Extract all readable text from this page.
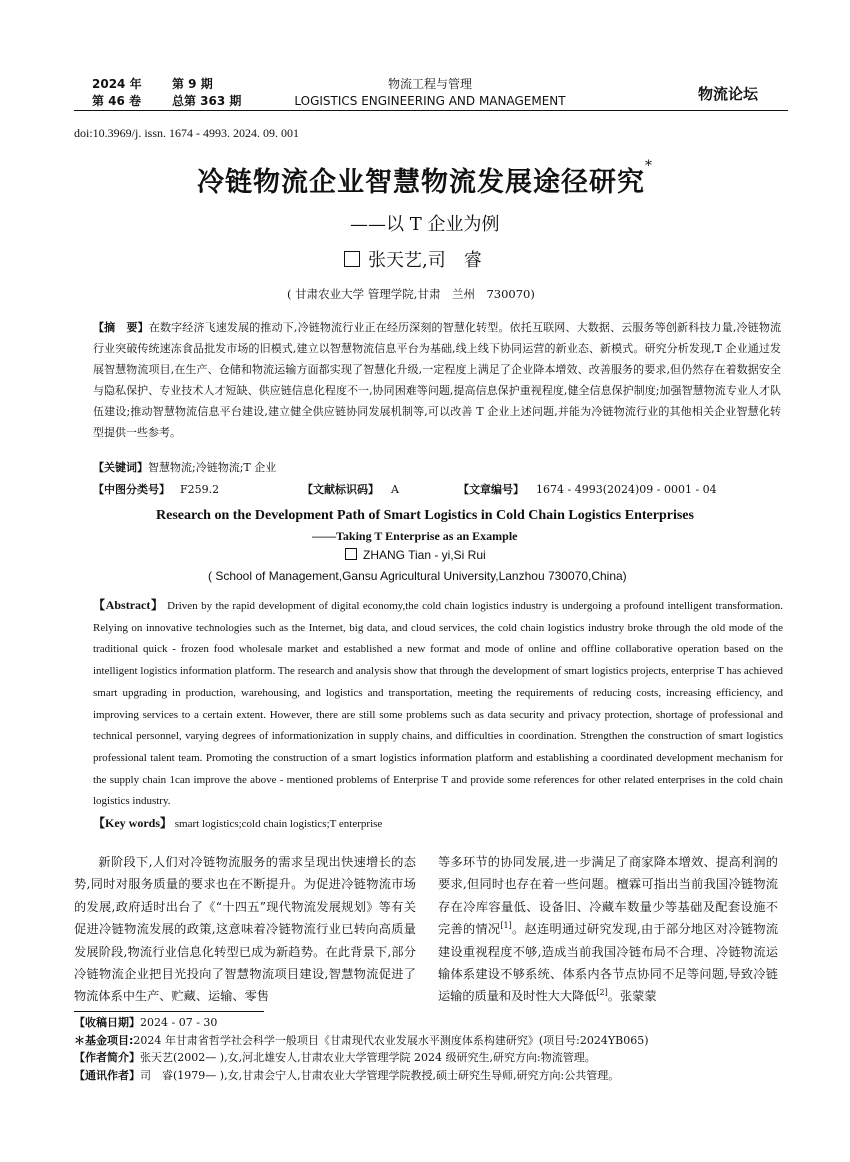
2024 年	第 9 期
第 46 卷	总第 363 期
物流工程与管理
LOGISTICS ENGINEERING AND MANAGEMENT	物流论坛
doi:10.3969/j. issn. 1674 - 4993. 2024. 09. 001
冷链物流企业智慧物流发展途径研究*
——以 T 企业为例
张天艺,司　睿
( 甘肃农业大学 管理学院,甘肃　兰州　730070)
【摘　要】在数字经济飞速发展的推动下,冷链物流行业正在经历深刻的智慧化转型。依托互联网、大数据、云服务等创新科技力量,冷链物流行业突破传统速冻食品批发市场的旧模式,建立以智慧物流信息平台为基础,线上线下协同运营的新业态、新模式。研究分析发现,T 企业通过发展智慧物流项目,在生产、仓储和物流运输方面都实现了智慧化升级,一定程度上满足了企业降本增效、改善服务的要求,但仍然存在着数据安全与隐私保护、专业技术人才短缺、供应链信息化程度不一,协同困难等问题,提高信息保护重视程度,健全信息保护制度;加强智慧物流专业人才队伍建设;推动智慧物流信息平台建设,建立健全供应链协同发展机制等,可以改善 T 企业上述问题,并能为冷链物流行业的其他相关企业智慧化转型提供一些参考。
【关键词】智慧物流;冷链物流;T 企业
【中图分类号】 F259.2	【文献标识码】 A	【文章编号】 1674 - 4993(2024)09 - 0001 - 04
Research on the Development Path of Smart Logistics in Cold Chain Logistics Enterprises
——Taking T Enterprise as an Example
ZHANG Tian - yi,Si Rui
( School of Management,Gansu Agricultural University,Lanzhou 730070,China)
【Abstract】 Driven by the rapid development of digital economy,the cold chain logistics industry is undergoing a profound intelligent transformation. Relying on innovative technologies such as the Internet, big data, and cloud services, the cold chain logistics industry broke through the old mode of the traditional quick - frozen food wholesale market and established a new format and mode of online and offline collaborative operation based on the intelligent logistics information platform. The research and analysis show that through the development of smart logistics projects, enterprise T has achieved smart upgrading in production, warehousing, and logistics and transportation, meeting the requirements of reducing costs, increasing efficiency, and improving services to a certain extent. However, there are still some problems such as data security and privacy protection, shortage of professional and technical personnel, varying degrees of informationization in supply chains, and difficulties in coordination. Strengthen the construction of smart logistics professional talent team. Promoting the construction of a smart logistics information platform and establishing a coordinated development mechanism for the supply chain 1can improve the above - mentioned problems of Enterprise T and provide some references for other related enterprises in the cold chain logistics industry.
【Key words】 smart logistics;cold chain logistics;T enterprise
新阶段下,人们对冷链物流服务的需求呈现出快速增长的态势,同时对服务质量的要求也在不断提升。为促进冷链物流市场的发展,政府适时出台了《“十四五”现代物流发展规划》等有关促进冷链物流发展的政策,这意味着冷链物流行业已转向高质量发展阶段,物流行业信息化转型已成为新趋势。在此背景下,部分冷链物流企业把目光投向了智慧物流项目建设,智慧物流促进了物流体系中生产、贮藏、运输、零售
等多环节的协同发展,进一步满足了商家降本增效、提高利润的要求,但同时也存在着一些问题。檀霖可指出当前我国冷链物流存在冷库容量低、设备旧、冷藏车数量少等基础及配套设施不完善的情况[1]。赵连明通过研究发现,由于部分地区对冷链物流建设重视程度不够,造成当前我国冷链布局不合理、冷链物流运输体系建设不够系统、体系内各节点协同不足等问题,导致冷链运输的质量和及时性大大降低[2]。张蒙蒙
【收稿日期】2024 - 07 - 30
＊基金项目:2024 年甘肃省哲学社会科学一般项目《甘肃现代农业发展水平测度体系构建研究》(项目号:2024YB065)
【作者简介】张天艺(2002— ),女,河北雄安人,甘肃农业大学管理学院 2024 级研究生,研究方向:物流管理。
【通讯作者】司　睿(1979— ),女,甘肃会宁人,甘肃农业大学管理学院教授,硕士研究生导师,研究方向:公共管理。
